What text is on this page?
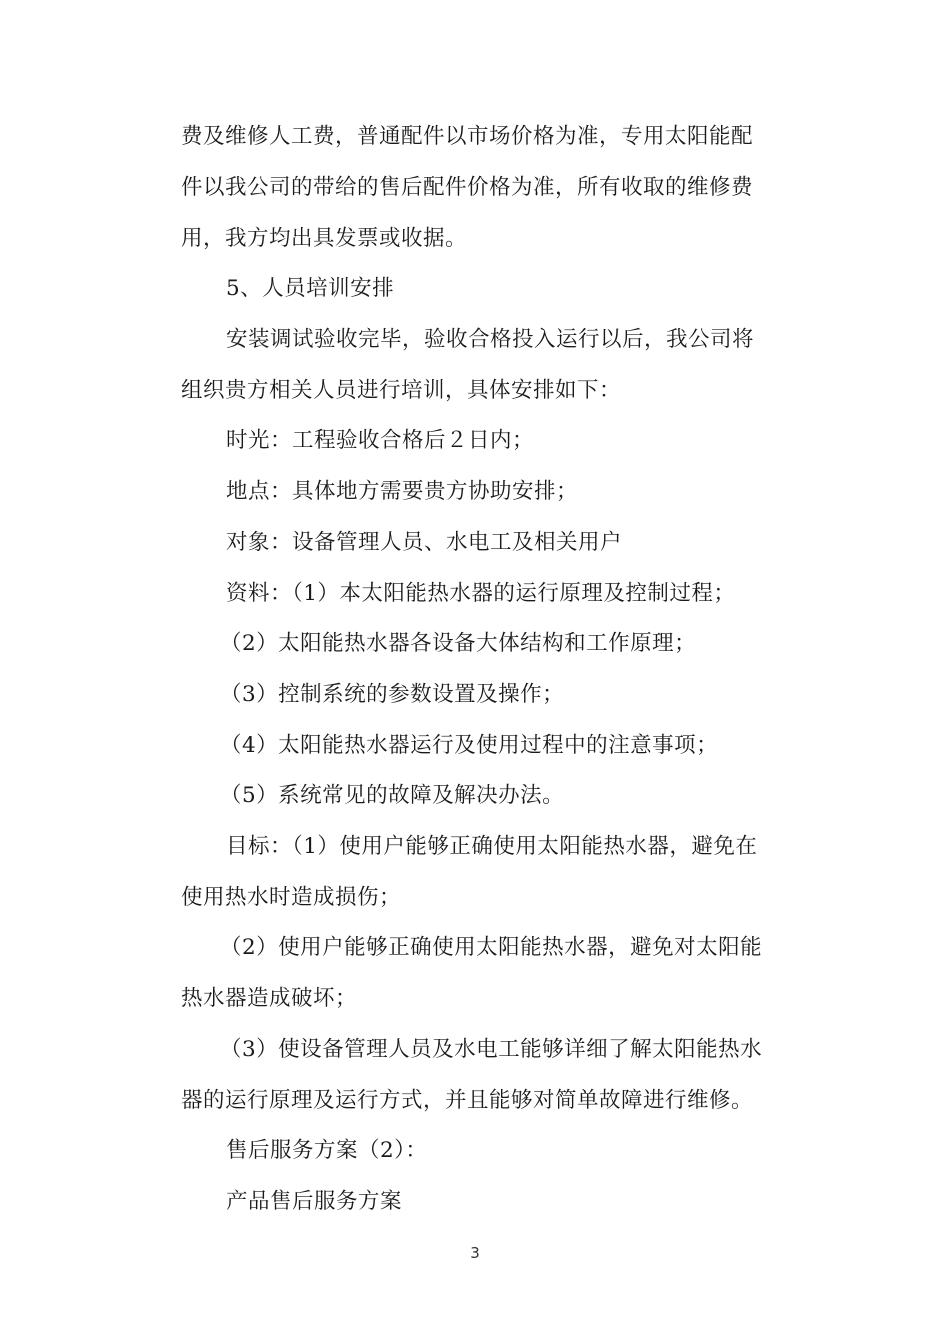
费及维修人工费，普通配件以市场价格为准，专用太阳能配
件以我公司的带给的售后配件价格为准，所有收取的维修费
用，我方均出具发票或收据。
5、人员培训安排
安装调试验收完毕，验收合格投入运行以后，我公司将
组织贵方相关人员进行培训，具体安排如下：
时光：工程验收合格后２日内；
地点：具体地方需要贵方协助安排；
对象：设备管理人员、水电工及相关用户
资料：（1）本太阳能热水器的运行原理及控制过程；
（2）太阳能热水器各设备大体结构和工作原理；
（3）控制系统的参数设置及操作；
（4）太阳能热水器运行及使用过程中的注意事项；
（5）系统常见的故障及解决办法。
目标：（1）使用户能够正确使用太阳能热水器，避免在
使用热水时造成损伤；
（2）使用户能够正确使用太阳能热水器，避免对太阳能
热水器造成破坏；
（3）使设备管理人员及水电工能够详细了解太阳能热水
器的运行原理及运行方式，并且能够对简单故障进行维修。
售后服务方案（2）：
产品售后服务方案
3
